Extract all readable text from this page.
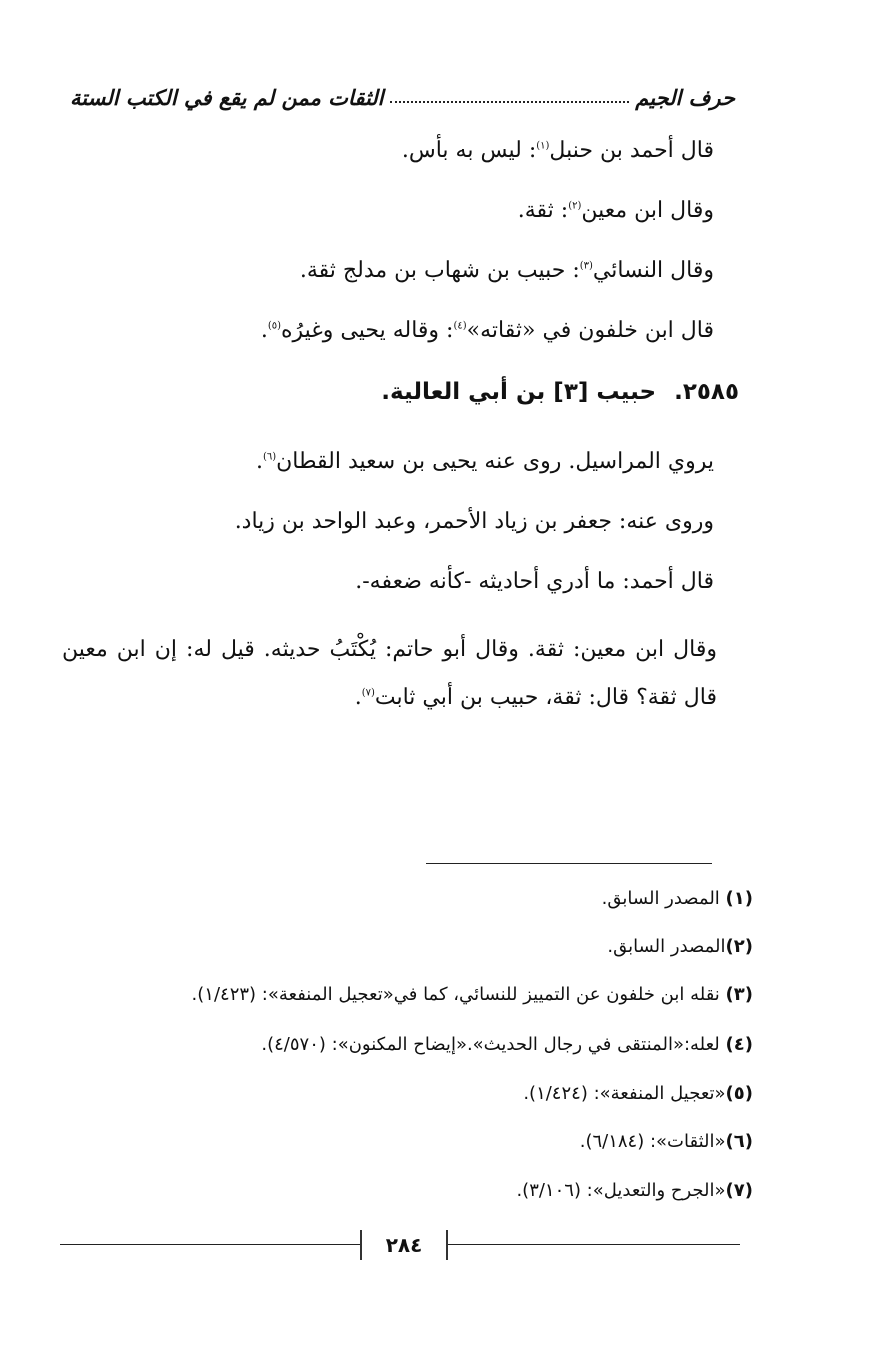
حرف الجيم
الثقات ممن لم يقع في الكتب الستة
قال أحمد بن حنبل$^{(١)}$: ليس به بأس.
وقال ابن معين$^{(٢)}$: ثقة.
وقال النسائي$^{(٣)}$: حبيب بن شهاب بن مدلج ثقة.
قال ابن خلفون في «ثقاته»$^{(٤)}$: وقاله يحيى وغيرُه$^{(٥)}$.
٢٥٨٥.حبيب [٣] بن أبي العالية.
يروي المراسيل. روى عنه يحيى بن سعيد القطان$^{(٦)}$.
وروى عنه: جعفر بن زياد الأحمر، وعبد الواحد بن زياد.
قال أحمد: ما أدري أحاديثه -كأنه ضعفه-.
وقال ابن معين: ثقة. وقال أبو حاتم: يُكْتَبُ حديثه. قيل له: إن ابن معين قال ثقة؟ قال: ثقة، حبيب بن أبي ثابت$^{(٧)}$.
(١) المصدر السابق.
(٢)المصدر السابق.
(٣) نقله ابن خلفون عن التمييز للنسائي، كما في«تعجيل المنفعة»: (١/٤٢٣).
(٤) لعله:«المنتقى في رجال الحديث».«إيضاح المكنون»: (٤/٥٧٠).
(٥)«تعجيل المنفعة»: (١/٤٢٤).
(٦)«الثقات»: (٦/١٨٤).
(٧)«الجرح والتعديل»: (٣/١٠٦).
٢٨٤
